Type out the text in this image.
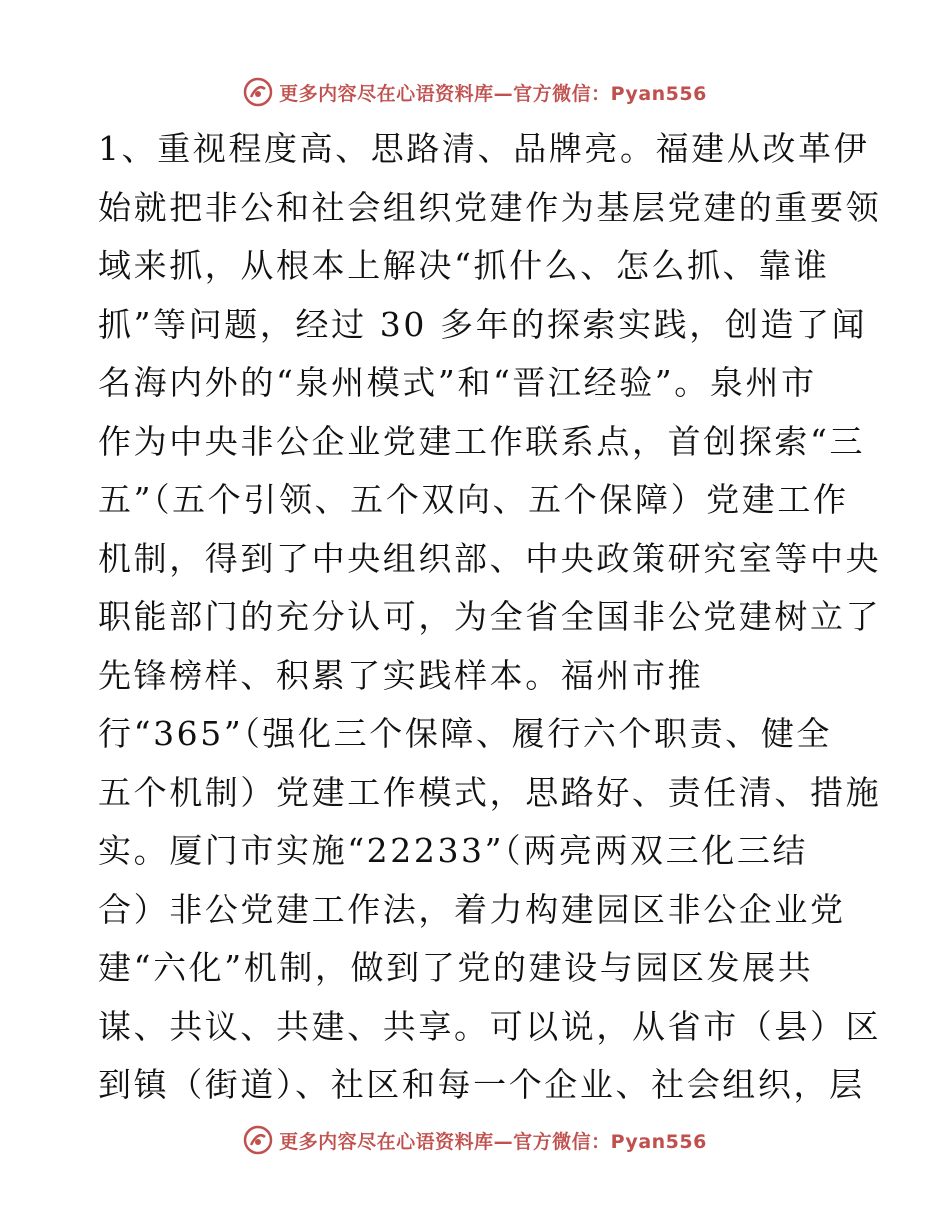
更多内容尽在心语资料库—官方微信：Pyan556
1、重视程度高、思路清、品牌亮。福建从改革伊
始就把非公和社会组织党建作为基层党建的重要领
域来抓，从根本上解决“抓什么、怎么抓、靠谁
抓”等问题，经过 30 多年的探索实践，创造了闻
名海内外的“泉州模式”和“晋江经验”。泉州市
作为中央非公企业党建工作联系点，首创探索“三
五”（五个引领、五个双向、五个保障）党建工作
机制，得到了中央组织部、中央政策研究室等中央
职能部门的充分认可，为全省全国非公党建树立了
先锋榜样、积累了实践样本。福州市推
行“365”（强化三个保障、履行六个职责、健全
五个机制）党建工作模式，思路好、责任清、措施
实。厦门市实施“22233”（两亮两双三化三结
合）非公党建工作法，着力构建园区非公企业党
建“六化”机制，做到了党的建设与园区发展共
谋、共议、共建、共享。可以说，从省市（县）区
到镇（街道）、社区和每一个企业、社会组织，层
更多内容尽在心语资料库—官方微信：Pyan556
